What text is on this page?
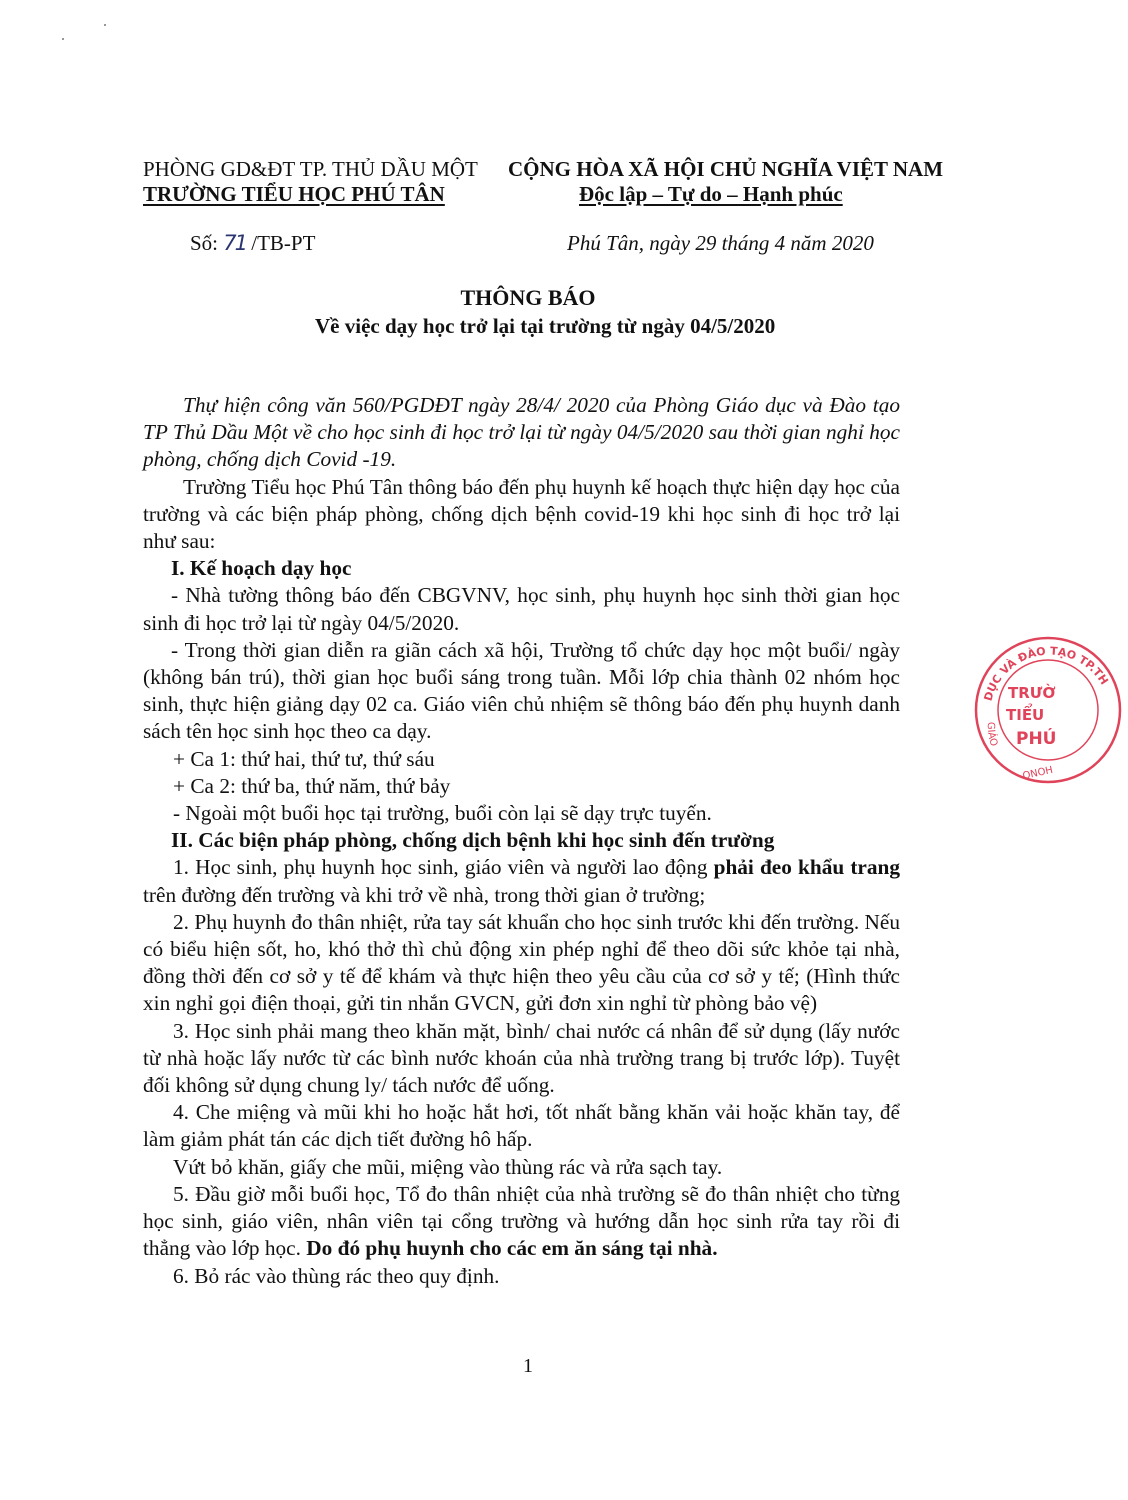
PHÒNG GD&ĐT TP. THỦ DẦU MỘT
TRƯỜNG TIỂU HỌC PHÚ TÂN
CỘNG HÒA XÃ HỘI CHỦ NGHĨA VIỆT NAM
Độc lập – Tự do – Hạnh phúc
Số: 71 /TB-PT	Phú Tân, ngày 29 tháng 4 năm 2020
THÔNG BÁO
Về việc dạy học trở lại tại trường từ ngày 04/5/2020

Thự hiện công văn 560/PGDĐT ngày 28/4/ 2020 của Phòng Giáo dục và Đào tạo TP Thủ Dầu Một về cho học sinh đi học trở lại từ ngày 04/5/2020 sau thời gian nghỉ học phòng, chống dịch Covid -19.

Trường Tiểu học Phú Tân thông báo đến phụ huynh kế hoạch thực hiện dạy học của trường và các biện pháp phòng, chống dịch bệnh covid-19 khi học sinh đi học trở lại như sau:

I. Kế hoạch dạy học

- Nhà tường thông báo đến CBGVNV, học sinh, phụ huynh học sinh thời gian học sinh đi học trở lại từ ngày 04/5/2020.

- Trong thời gian diễn ra giãn cách xã hội, Trường tổ chức dạy học một buổi/ ngày (không bán trú), thời gian học buổi sáng trong tuần. Mỗi lớp chia thành 02 nhóm học sinh, thực hiện giảng dạy 02 ca. Giáo viên chủ nhiệm sẽ thông báo đến phụ huynh danh sách tên học sinh học theo ca dạy.

+ Ca 1: thứ hai, thứ tư, thứ sáu

+ Ca 2: thứ ba, thứ năm, thứ bảy

- Ngoài một buổi học tại trường, buổi còn lại sẽ dạy trực tuyến.

II. Các biện pháp phòng, chống dịch bệnh khi học sinh đến trường

1. Học sinh, phụ huynh học sinh, giáo viên và người lao động phải đeo khẩu trang trên đường đến trường và khi trở về nhà, trong thời gian ở trường;

2. Phụ huynh đo thân nhiệt, rửa tay sát khuẩn cho học sinh trước khi đến trường. Nếu có biểu hiện sốt, ho, khó thở thì chủ động xin phép nghỉ để theo dõi sức khỏe tại nhà, đồng thời đến cơ sở y tế để khám và thực hiện theo yêu cầu của cơ sở y tế; (Hình thức xin nghỉ gọi điện thoại, gửi tin nhắn GVCN, gửi đơn xin nghỉ từ phòng bảo vệ)

3. Học sinh phải mang theo khăn mặt, bình/ chai nước cá nhân để sử dụng (lấy nước từ nhà hoặc lấy nước từ các bình nước khoán của nhà trường trang bị trước lớp). Tuyệt đối không sử dụng chung ly/ tách nước để uống.

4. Che miệng và mũi khi ho hoặc hắt hơi, tốt nhất bằng khăn vải hoặc khăn tay, để làm giảm phát tán các dịch tiết đường hô hấp.

Vứt bỏ khăn, giấy che mũi, miệng vào thùng rác và rửa sạch tay.

5. Đầu giờ mỗi buổi học, Tổ đo thân nhiệt của nhà trường sẽ đo thân nhiệt cho từng học sinh, giáo viên, nhân viên tại cổng trường và hướng dẫn học sinh rửa tay rồi đi thẳng vào lớp học. Do đó phụ huynh cho các em ăn sáng tại nhà.

6. Bỏ rác vào thùng rác theo quy định.

1
DỤC VÀ ĐÀO TẠO TP.TH
GIÁO
TRƯỜ
TIỂU
PHÚ
ONOH
